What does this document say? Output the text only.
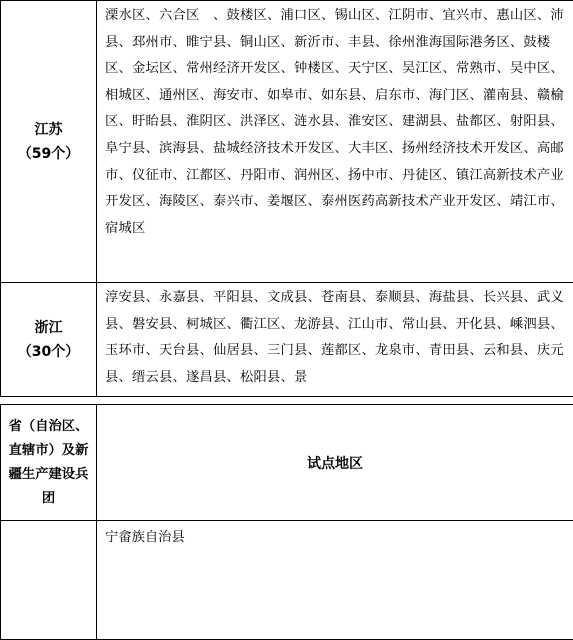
江苏
（59个）	溧水区、六合区　、鼓楼区、浦口区、锡山区、江阴市、宜兴市、惠山区、沛县、邳州市、睢宁县、铜山区、新沂市、丰县、徐州淮海国际港务区、鼓楼区、金坛区、常州经济开发区、钟楼区、天宁区、吴江区、常熟市、吴中区、相城区、通州区、海安市、如皋市、如东县、启东市、海门区、灌南县、赣榆区、盱眙县、淮阴区、洪泽区、涟水县、淮安区、建湖县、盐都区、射阳县、阜宁县、滨海县、盐城经济技术开发区、大丰区、扬州经济技术开发区、高邮市、仪征市、江都区、丹阳市、润州区、扬中市、丹徒区、镇江高新技术产业开发区、海陵区、泰兴市、姜堰区、泰州医药高新技术产业开发区、靖江市、宿城区

浙江
（30个）	淳安县、永嘉县、平阳县、文成县、苍南县、泰顺县、海盐县、长兴县、武义县、磐安县、柯城区、衢江区、龙游县、江山市、常山县、开化县、嵊泗县、玉环市、天台县、仙居县、三门县、莲都区、龙泉市、青田县、云和县、庆元县、缙云县、遂昌县、松阳县、景
省（自治区、直辖市）及新疆生产建设兵团	试点地区
	宁畲族自治县
